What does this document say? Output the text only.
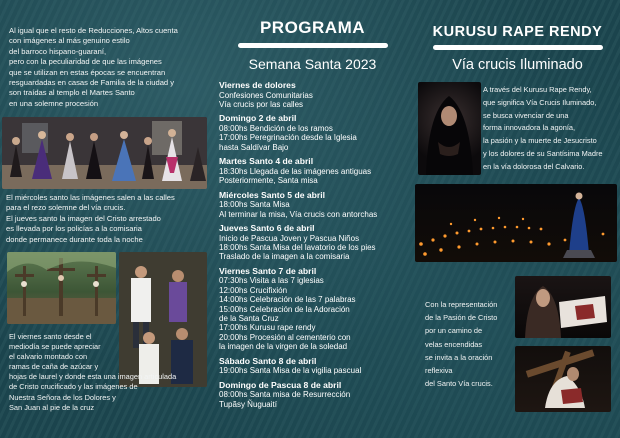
Al igual que el resto de Reducciones, Altos cuenta
con imágenes al más genuino estilo
del barroco hispano-guaraní,
pero con la peculiaridad de que las imágenes
que se utilizan en estas épocas se encuentran
resguardadas en casas de Familia de la ciudad y
son traídas al templo el Martes Santo
en una solemne procesión
El miércoles santo las imágenes salen a las calles
para el rezo solemne del vía crucis.
El jueves santo la imagen del Cristo arrestado
es llevada por los policías a la comisaria
donde permanece durante toda la noche
El viernes santo desde el
mediodía se puede apreciar
el calvario montado con
ramas de caña de azúcar y
hojas de laurel y donde esta una imagen articulada
de Cristo crucificado y las imágenes de
Nuestra Señora de los Dolores y
San Juan al pie de la cruz
PROGRAMA
Semana Santa 2023
Viernes de dolores
Confesiones Comunitarias
Vía crucis por las calles
Domingo 2 de abril
08:00hs Bendición de los ramos
17:00hs Peregrinación desde la Iglesia
hasta Saldívar Bajo
Martes Santo 4 de abril
18:30hs Llegada de las imágenes antiguas
Posteriormente, Santa misa
Miércoles Santo 5 de abril
18:00hs Santa Misa
Al terminar la misa, Vía crucis con antorchas
Jueves Santo 6 de abril
Inicio de Pascua Joven y Pascua Niños
18:00hs Santa Misa del lavatorio de los pies
Traslado de la imagen a la comisaria
Viernes Santo 7 de abril
07:30hs Visita a las 7 iglesias
12:00hs Crucifixión
14:00hs Celebración de las 7 palabras
15:00hs Celebración de la Adoración
de la Santa Cruz
17:00hs Kurusu rape rendy
20:00hs Procesión al cementerio con
la imagen de la virgen de la soledad
Sábado Santo 8 de abril
19:00hs Santa Misa de la vigilia pascual
Domingo de Pascua 8 de abril
08:00hs Santa misa de Resurrección
Tupãsy Ñuguaití
KURUSU RAPE RENDY
Vía crucis Iluminado
A través del Kurusu Rape Rendy,
que significa Vía Crucis Iluminado,
se busca vivenciar de una
forma innovadora la agonía,
la pasión y la muerte de Jesucristo
y los dolores de su Santísima Madre
en la vía dolorosa del Calvario.
Con la representación
de la Pasión de Cristo
por un camino de
velas encendidas
se invita a la oración
reflexiva
del Santo Vía crucis.
